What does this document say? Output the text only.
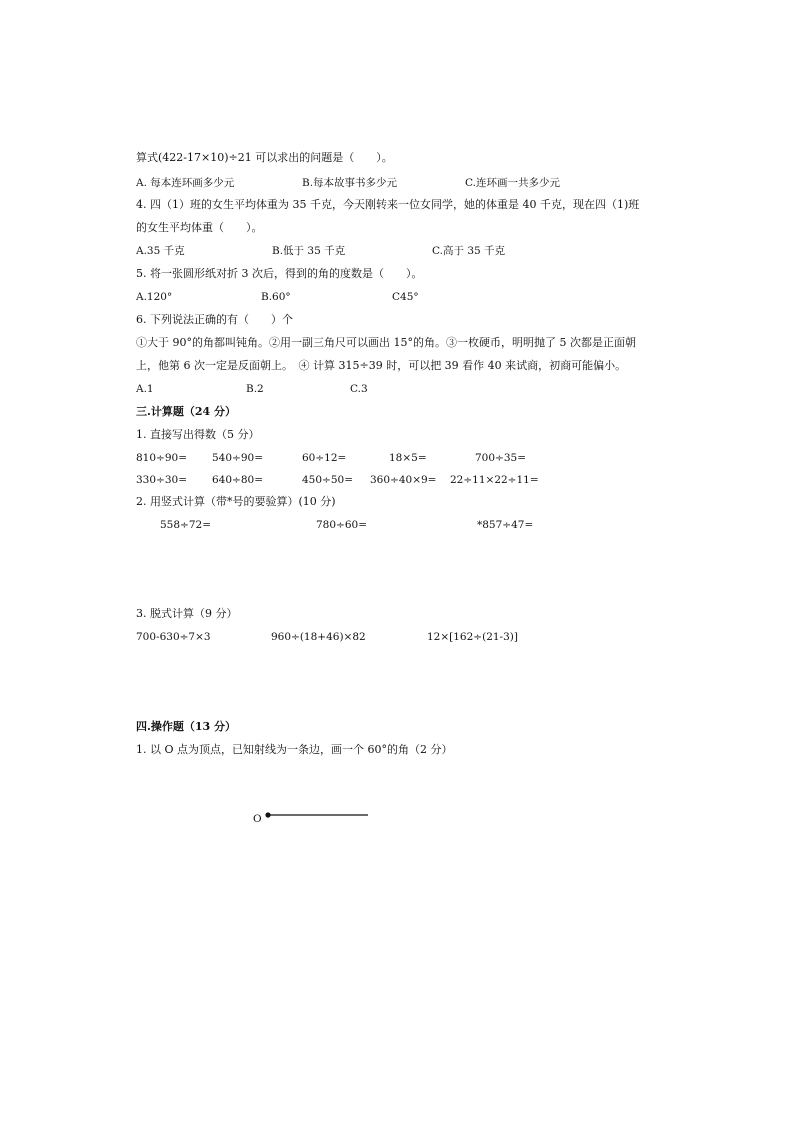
算式(422-17×10)÷21 可以求出的问题是（　　）。
A. 每本连环画多少元	B.每本故事书多少元	C.连环画一共多少元
4. 四（1）班的女生平均体重为 35 千克，今天刚转来一位女同学，她的体重是 40 千克，现在四（1)班
的女生平均体重（　　）。
A.35 千克	B.低于 35 千克	C.高于 35 千克
5. 将一张圆形纸对折 3 次后，得到的角的度数是（　　）。
A.120°	B.60°	C45°
6. 下列说法正确的有（　　）个
①大于 90°的角都叫钝角。②用一副三角尺可以画出 15°的角。③一枚硬币，明明抛了 5 次都是正面朝
上，他第 6 次一定是反面朝上。　④ 计算 315÷39 时，可以把 39 看作 40 来试商，初商可能偏小。
A.1	B.2	C.3
三.计算题（24 分）
1. 直接写出得数（5 分）
810÷90= 540÷90=	60÷12=	18×5=	700÷35=
330÷30= 640÷80=	450÷50= 360÷40×9= 22÷11×22÷11=
2. 用竖式计算（带*号的要验算）(10 分)
558÷72=	780÷60=	*857÷47=
3. 脱式计算（9 分）
700-630÷7×3	960÷(18+46)×82	12×[162÷(21-3)]
四.操作题（13 分）
1. 以 O 点为顶点，已知射线为一条边，画一个 60°的角（2 分）
O
